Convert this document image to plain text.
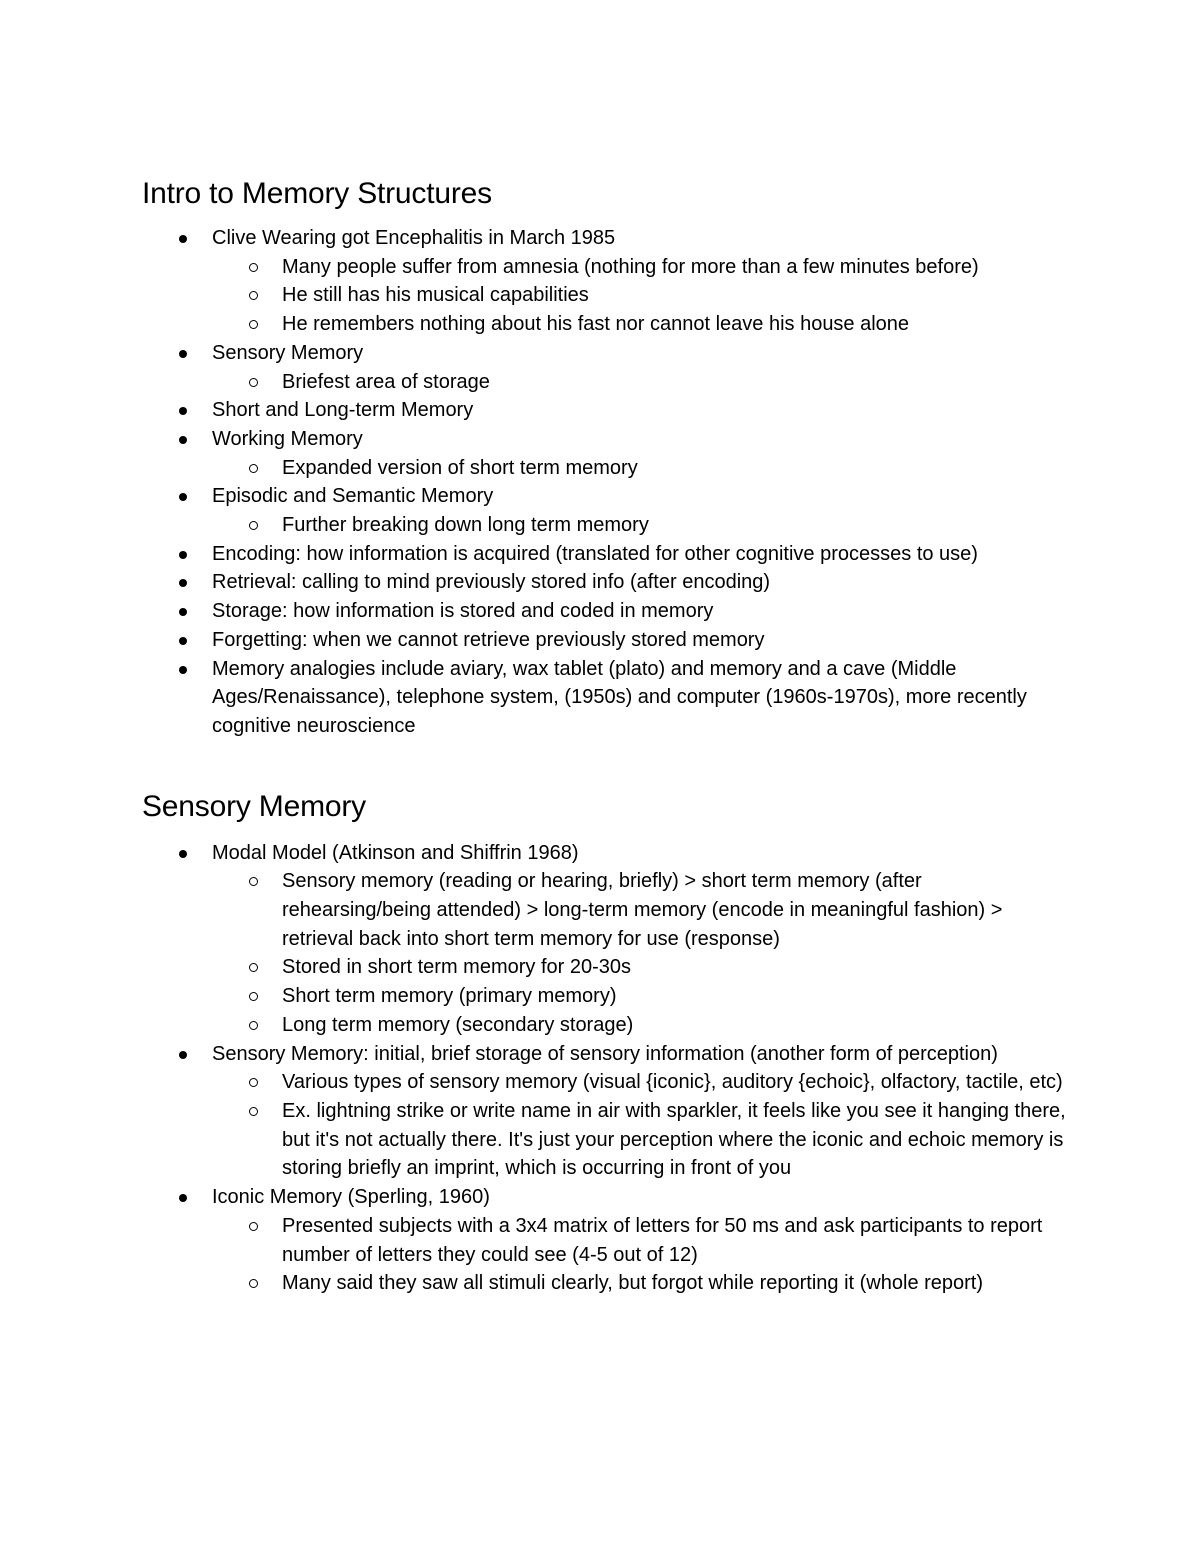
Intro to Memory Structures
Clive Wearing got Encephalitis in March 1985
Many people suffer from amnesia (nothing for more than a few minutes before)
He still has his musical capabilities
He remembers nothing about his fast nor cannot leave his house alone
Sensory Memory
Briefest area of storage
Short and Long-term Memory
Working Memory
Expanded version of short term memory
Episodic and Semantic Memory
Further breaking down long term memory
Encoding: how information is acquired (translated for other cognitive processes to use)
Retrieval: calling to mind previously stored info (after encoding)
Storage: how information is stored and coded in memory
Forgetting: when we cannot retrieve previously stored memory
Memory analogies include aviary, wax tablet (plato) and memory and a cave (Middle Ages/Renaissance), telephone system, (1950s) and computer (1960s-1970s), more recently cognitive neuroscience
Sensory Memory
Modal Model (Atkinson and Shiffrin 1968)
Sensory memory (reading or hearing, briefly) > short term memory (after rehearsing/being attended) > long-term memory (encode in meaningful fashion) > retrieval back into short term memory for use (response)
Stored in short term memory for 20-30s
Short term memory (primary memory)
Long term memory (secondary storage)
Sensory Memory: initial, brief storage of sensory information (another form of perception)
Various types of sensory memory (visual {iconic}, auditory {echoic}, olfactory, tactile, etc)
Ex. lightning strike or write name in air with sparkler, it feels like you see it hanging there, but it's not actually there. It's just your perception where the iconic and echoic memory is storing briefly an imprint, which is occurring in front of you
Iconic Memory (Sperling, 1960)
Presented subjects with a 3x4 matrix of letters for 50 ms and ask participants to report number of letters they could see (4-5 out of 12)
Many said they saw all stimuli clearly, but forgot while reporting it (whole report)
